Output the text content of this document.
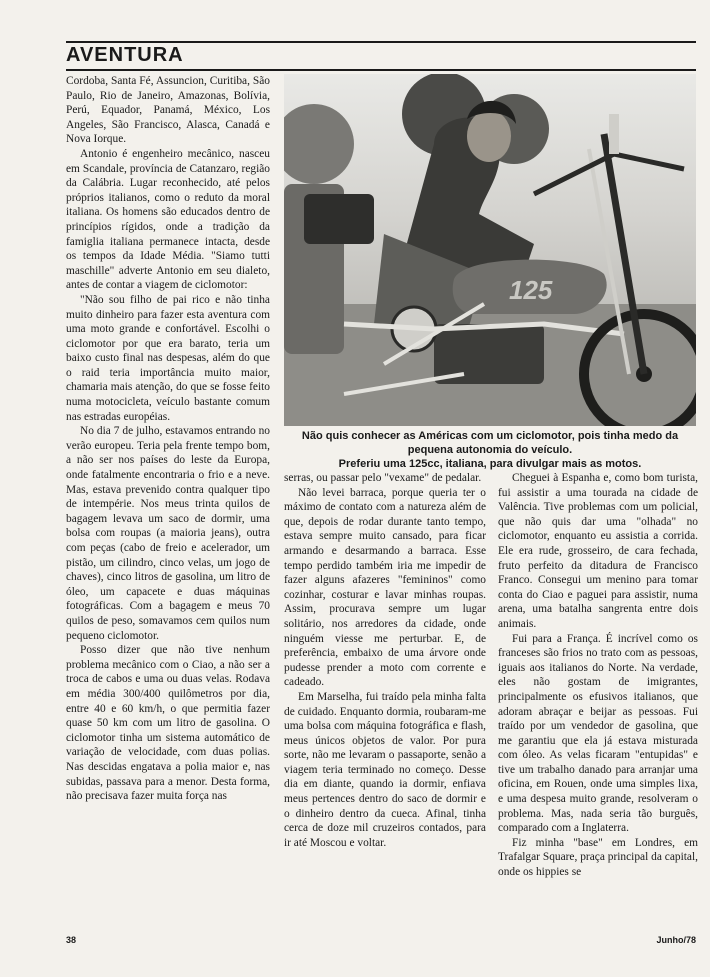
AVENTURA

Cordoba, Santa Fé, Assuncion, Curitiba, São Paulo, Rio de Janeiro, Amazonas, Bolívia, Perú, Equador, Panamá, México, Los Angeles, São Francisco, Alasca, Canadá e Nova Iorque.

Antonio é engenheiro mecânico, nasceu em Scandale, província de Catanzaro, região da Calábria. Lugar reconhecido, até pelos próprios italianos, como o reduto da moral italiana. Os homens são educados dentro de princípios rígidos, onde a tradição da famiglia italiana permanece intacta, desde os tempos da Idade Média. "Siamo tutti maschille" adverte Antonio em seu dialeto, antes de contar a viagem de ciclomotor:

"Não sou filho de pai rico e não tinha muito dinheiro para fazer esta aventura com uma moto grande e confortável. Escolhi o ciclomotor por que era barato, teria um baixo custo final nas despesas, além do que o raid teria importância muito maior, chamaria mais atenção, do que se fosse feito numa motocicleta, veículo bastante comum nas estradas européias.

No dia 7 de julho, estavamos entrando no verão europeu. Teria pela frente tempo bom, a não ser nos países do leste da Europa, onde fatalmente encontraria o frio e a neve. Mas, estava prevenido contra qualquer tipo de intempérie. Nos meus trinta quilos de bagagem levava um saco de dormir, uma bolsa com roupas (a maioria jeans), outra com peças (cabo de freio e acelerador, um pistão, um cilindro, cinco velas, um jogo de chaves), cinco litros de gasolina, um litro de óleo, um capacete e duas máquinas fotográficas. Com a bagagem e meus 70 quilos de peso, somavamos cem quilos num pequeno ciclomotor.

Posso dizer que não tive nenhum problema mecânico com o Ciao, a não ser a troca de cabos e uma ou duas velas. Rodava em média 300/400 quilômetros por dia, entre 40 e 60 km/h, o que permitia fazer quase 50 km com um litro de gasolina. O ciclomotor tinha um sistema automático de variação de velocidade, com duas polias. Nas descidas engatava a polia maior e, nas subidas, passava para a menor. Desta forma, não precisava fazer muita força nas

125

Não quis conhecer as Américas com um ciclomotor, pois tinha medo da pequena autonomia do veículo.

Preferiu uma 125cc, italiana, para divulgar mais as motos.

serras, ou passar pelo "vexame" de pedalar.

Não levei barraca, porque queria ter o máximo de contato com a natureza além de que, depois de rodar durante tanto tempo, estava sempre muito cansado, para ficar armando e desarmando a barraca. Esse tempo perdido também iria me impedir de fazer alguns afazeres "femininos" como cozinhar, costurar e lavar minhas roupas. Assim, procurava sempre um lugar solitário, nos arredores da cidade, onde ninguém viesse me perturbar. E, de preferência, embaixo de uma árvore onde pudesse prender a moto com corrente e cadeado.

Em Marselha, fui traído pela minha falta de cuidado. Enquanto dormia, roubaram-me uma bolsa com máquina fotográfica e flash, meus únicos objetos de valor. Por pura sorte, não me levaram o passaporte, senão a viagem teria terminado no começo. Desse dia em diante, quando ia dormir, enfiava meus pertences dentro do saco de dormir e o dinheiro dentro da cueca. Afinal, tinha cerca de doze mil cruzeiros contados, para ir até Moscou e voltar.

Cheguei à Espanha e, como bom turista, fui assistir a uma tourada na cidade de Valência. Tive problemas com um policial, que não quis dar uma "olhada" no ciclomotor, enquanto eu assistia a corrida. Ele era rude, grosseiro, de cara fechada, fruto perfeito da ditadura de Francisco Franco. Consegui um menino para tomar conta do Ciao e paguei para assistir, numa arena, uma batalha sangrenta entre dois animais.

Fui para a França. É incrível como os franceses são frios no trato com as pessoas, iguais aos italianos do Norte. Na verdade, eles não gostam de imigrantes, principalmente os efusivos italianos, que adoram abraçar e beijar as pessoas. Fui traído por um vendedor de gasolina, que me garantiu que ela já estava misturada com óleo. As velas ficaram "entupidas" e tive um trabalho danado para arranjar uma oficina, em Rouen, onde uma simples lixa, e uma despesa muito grande, resolveram o problema. Mas, nada seria tão burguês, comparado com a Inglaterra.

Fiz minha "base" em Londres, em Trafalgar Square, praça principal da capital, onde os hippies se

38	Junho/78
